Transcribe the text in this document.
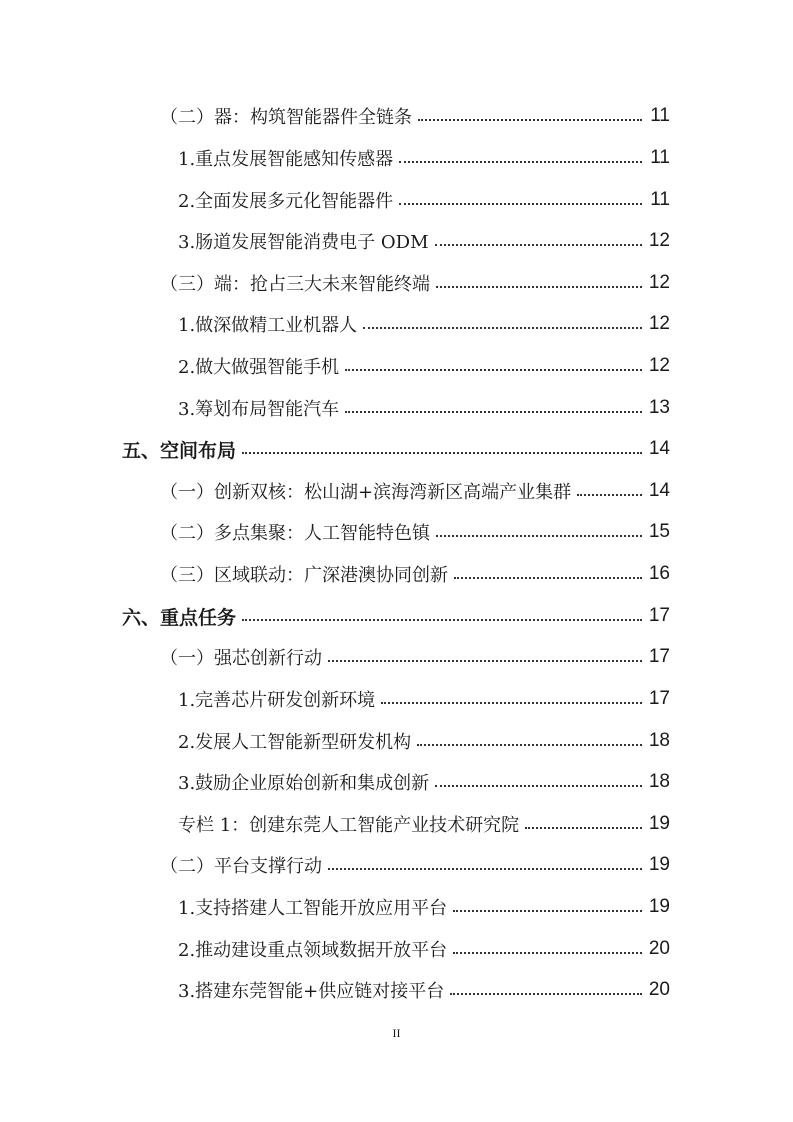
（二）器：构筑智能器件全链条	11
1.重点发展智能感知传感器	11
2.全面发展多元化智能器件	11
3.肠道发展智能消费电子 ODM	12
（三）端：抢占三大未来智能终端	12
1.做深做精工业机器人	12
2.做大做强智能手机	12
3.筹划布局智能汽车	13
五、空间布局	14
（一）创新双核：松山湖+滨海湾新区高端产业集群	14
（二）多点集聚：人工智能特色镇	15
（三）区域联动：广深港澳协同创新	16
六、重点任务	17
（一）强芯创新行动	17
1.完善芯片研发创新环境	17
2.发展人工智能新型研发机构	18
3.鼓励企业原始创新和集成创新	18
专栏 1：创建东莞人工智能产业技术研究院	19
（二）平台支撑行动	19
1.支持搭建人工智能开放应用平台	19
2.推动建设重点领域数据开放平台	20
3.搭建东莞智能+供应链对接平台	20
II
